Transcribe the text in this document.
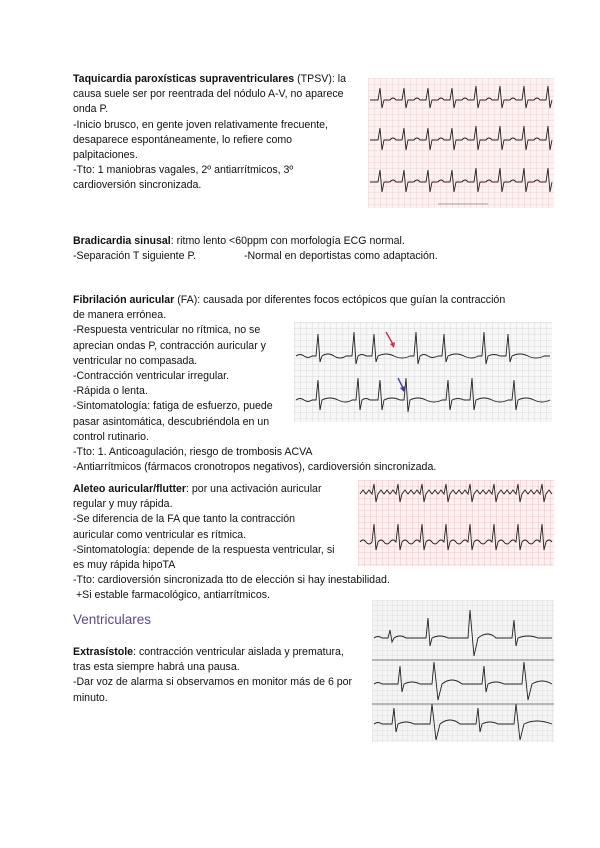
Taquicardia paroxísticas supraventriculares (TPSV): la

causa suele ser por reentrada del nódulo A-V, no aparece

onda P.

-Inicio brusco, en gente joven relativamente frecuente,

desaparece espontáneamente, lo refiere como

palpitaciones.

-Tto: 1 maniobras vagales, 2º antiarrítmicos, 3º

cardioversión sincronizada.

Bradicardia sinusal: ritmo lento <60ppm con morfología ECG normal.

-Separación T siguiente P.	-Normal en deportistas como adaptación.

Fibrilación auricular (FA): causada por diferentes focos ectópicos que guían la contracción

de manera errónea.

-Respuesta ventricular no rítmica, no se

aprecian ondas P, contracción auricular y

ventricular no compasada.

-Contracción ventricular irregular.

-Rápida o lenta.

-Sintomatología: fatiga de esfuerzo, puede

pasar asintomática, descubriéndola en un

control rutinario.

-Tto: 1. Anticoagulación, riesgo de trombosis ACVA

-Antiarrítmicos (fármacos cronotropos negativos), cardioversión sincronizada.

Aleteo auricular/flutter: por una activación auricular

regular y muy rápida.

-Se diferencia de la FA que tanto la contracción

auricular como ventricular es rítmica.

-Sintomatología: depende de la respuesta ventricular, si

es muy rápida hipoTA

-Tto: cardioversión sincronizada tto de elección si hay inestabilidad.

+Si estable farmacológico, antiarrítmicos.

Ventriculares

Extrasístole: contracción ventricular aislada y prematura,

tras esta siempre habrá una pausa.

-Dar voz de alarma si observamos en monitor más de 6 por

minuto.
